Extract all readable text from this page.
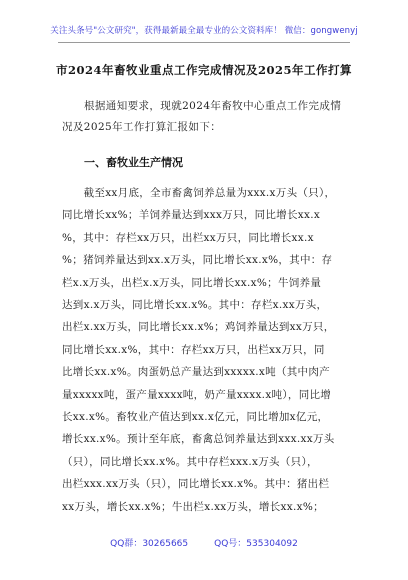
关注头条号"公文研究"，获得最新最全最专业的公文资料库！ 微信：gongwenyj
市2024年畜牧业重点工作完成情况及2025年工作打算
根据通知要求，现就2024年畜牧中心重点工作完成情况及2025年工作打算汇报如下：
一、畜牧业生产情况
　　截至xx月底，全市畜禽饲养总量为xxx.x万头（只），
同比增长xx%；羊饲养量达到xxx万只，同比增长xx.x
%，其中：存栏xx万只，出栏xx万只，同比增长xx.x
%；猪饲养量达到xx.x万头，同比增长xx.x%，其中：存
栏x.x万头，出栏x.x万头，同比增长xx.x%；牛饲养量
达到x.x万头，同比增长xx.x%。其中：存栏x.xx万头，
出栏x.xx万头，同比增长xx.x%；鸡饲养量达到xx万只，
同比增长xx.x%，其中：存栏xx万只，出栏xx万只，同
比增长xx.x%。肉蛋奶总产量达到xxxxx.x吨（其中肉产
量xxxxx吨，蛋产量xxxx吨，奶产量xxxx.x吨），同比增
长xx.x%。畜牧业产值达到xx.x亿元，同比增加x亿元，
增长xx.x%。预计至年底，畜禽总饲养量达到xxx.xx万头
（只），同比增长xx.x%。其中存栏xxx.x万头（只），
出栏xxx.xx万头（只），同比增长xx.x%。其中：猪出栏
xx万头，增长xx.x%；牛出栏x.xx万头，增长xx.x%；
QQ群：30265665	QQ号：535304092
